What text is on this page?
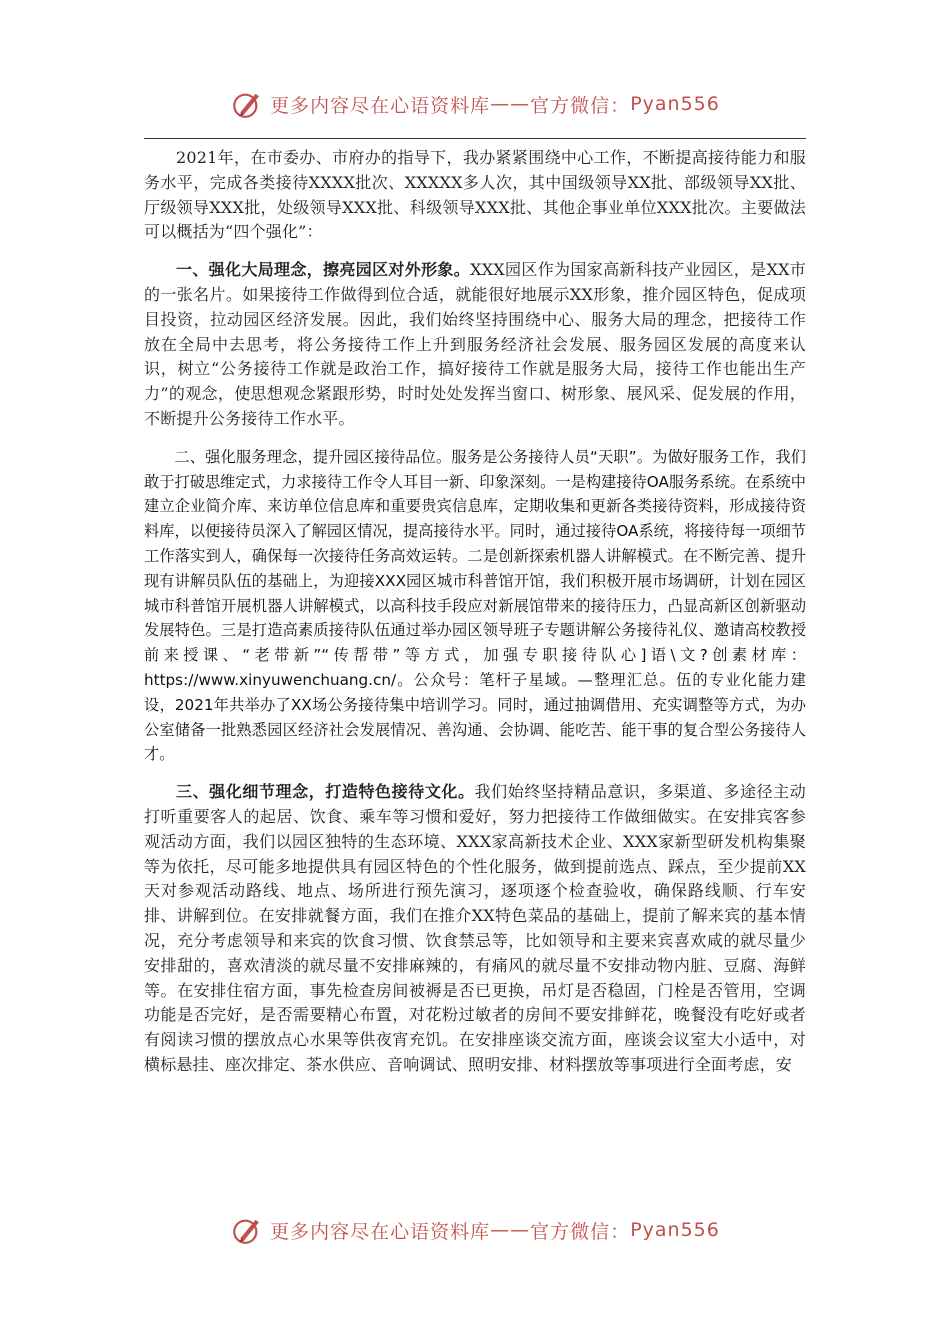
更多内容尽在心语资料库 —— 官方微信： Pyan556

2021年，在市委办、市府办的指导下，我办紧紧围绕中心工作，不断提高接待能力和服务水平，完成各类接待XXXX批次、XXXXX多人次，其中国级领导XX批、部级领导XX批、厅级领导XXX批，处级领导XXX批、科级领导XXX批、其他企事业单位XXX批次。主要做法可以概括为“四个强化”：

一、强化大局理念，擦亮园区对外形象。XXX园区作为国家高新科技产业园区，是XX市的一张名片。如果接待工作做得到位合适，就能很好地展示XX形象，推介园区特色，促成项目投资，拉动园区经济发展。因此，我们始终坚持围绕中心、服务大局的理念，把接待工作放在全局中去思考，将公务接待工作上升到服务经济社会发展、服务园区发展的高度来认识，树立“公务接待工作就是政治工作，搞好接待工作就是服务大局，接待工作也能出生产力”的观念，使思想观念紧跟形势，时时处处发挥当窗口、树形象、展风采、促发展的作用，不断提升公务接待工作水平。

二、强化服务理念，提升园区接待品位。服务是公务接待人员“天职”。为做好服务工作，我们敢于打破思维定式，力求接待工作令人耳目一新、印象深刻。一是构建接待OA服务系统。在系统中建立企业简介库、来访单位信息库和重要贵宾信息库，定期收集和更新各类接待资料，形成接待资料库，以便接待员深入了解园区情况，提高接待水平。同时，通过接待OA系统，将接待每一项细节工作落实到人，确保每一次接待任务高效运转。二是创新探索机器人讲解模式。在不断完善、提升现有讲解员队伍的基础上，为迎接XXX园区城市科普馆开馆，我们积极开展市场调研，计划在园区城市科普馆开展机器人讲解模式，以高科技手段应对新展馆带来的接待压力，凸显高新区创新驱动发展特色。三是打造高素质接待队伍通过举办园区领导班子专题讲解公务接待礼仪、邀请高校教授前来授课、“老带新”“传帮带”等方式，加强专职接待队心]语\文?创素材库：https://www.xinyuwenchuang.cn/。公众号：笔杆子星域。—整理汇总。伍的专业化能力建设，2021年共举办了XX场公务接待集中培训学习。同时，通过抽调借用、充实调整等方式，为办公室储备一批熟悉园区经济社会发展情况、善沟通、会协调、能吃苦、能干事的复合型公务接待人才。

三、强化细节理念，打造特色接待文化。我们始终坚持精品意识，多渠道、多途径主动打听重要客人的起居、饮食、乘车等习惯和爱好，努力把接待工作做细做实。在安排宾客参观活动方面，我们以园区独特的生态环境、XXX家高新技术企业、XXX家新型研发机构集聚等为依托，尽可能多地提供具有园区特色的个性化服务，做到提前选点、踩点，至少提前XX天对参观活动路线、地点、场所进行预先演习，逐项逐个检查验收，确保路线顺、行车安排、讲解到位。在安排就餐方面，我们在推介XX特色菜品的基础上，提前了解来宾的基本情况，充分考虑领导和来宾的饮食习惯、饮食禁忌等，比如领导和主要来宾喜欢咸的就尽量少安排甜的，喜欢清淡的就尽量不安排麻辣的，有痛风的就尽量不安排动物内脏、豆腐、海鲜等。在安排住宿方面，事先检查房间被褥是否已更换，吊灯是否稳固，门栓是否管用，空调功能是否完好，是否需要精心布置，对花粉过敏者的房间不要安排鲜花，晚餐没有吃好或者有阅读习惯的摆放点心水果等供夜宵充饥。在安排座谈交流方面，座谈会议室大小适中，对横标悬挂、座次排定、茶水供应、音响调试、照明安排、材料摆放等事项进行全面考虑，安

更多内容尽在心语资料库 —— 官方微信： Pyan556
